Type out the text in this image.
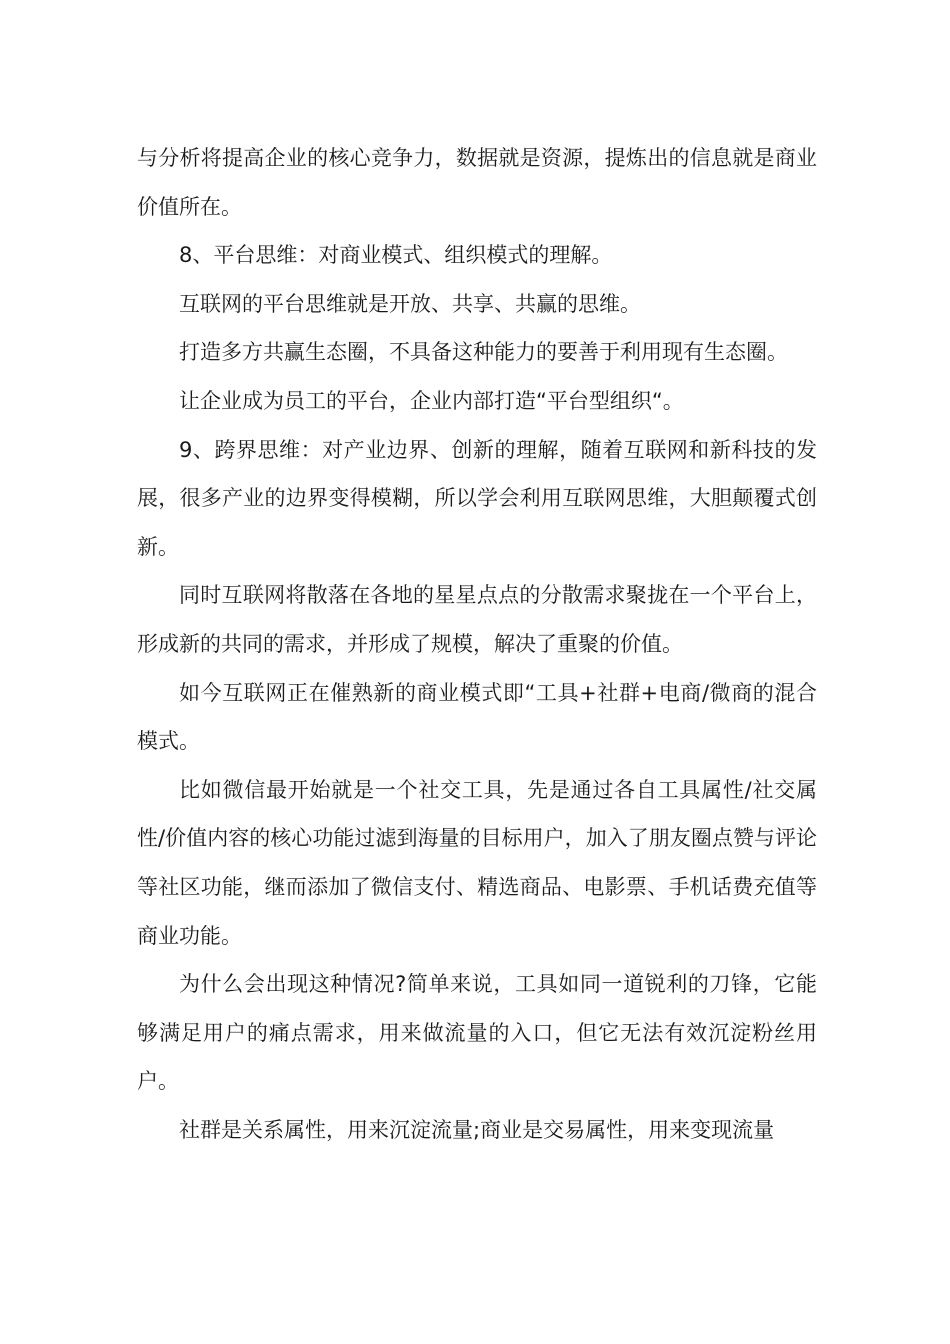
与分析将提高企业的核心竞争力，数据就是资源，提炼出的信息就是商业价值所在。

8、平台思维：对商业模式、组织模式的理解。

互联网的平台思维就是开放、共享、共赢的思维。

打造多方共赢生态圈，不具备这种能力的要善于利用现有生态圈。

让企业成为员工的平台，企业内部打造“平台型组织“。

9、跨界思维：对产业边界、创新的理解，随着互联网和新科技的发展，很多产业的边界变得模糊，所以学会利用互联网思维，大胆颠覆式创新。

同时互联网将散落在各地的星星点点的分散需求聚拢在一个平台上，形成新的共同的需求，并形成了规模，解决了重聚的价值。

如今互联网正在催熟新的商业模式即“工具+社群+电商/微商的混合模式。

比如微信最开始就是一个社交工具，先是通过各自工具属性/社交属性/价值内容的核心功能过滤到海量的目标用户，加入了朋友圈点赞与评论等社区功能，继而添加了微信支付、精选商品、电影票、手机话费充值等商业功能。

为什么会出现这种情况?简单来说，工具如同一道锐利的刀锋，它能够满足用户的痛点需求，用来做流量的入口，但它无法有效沉淀粉丝用户。

社群是关系属性，用来沉淀流量;商业是交易属性，用来变现流量
